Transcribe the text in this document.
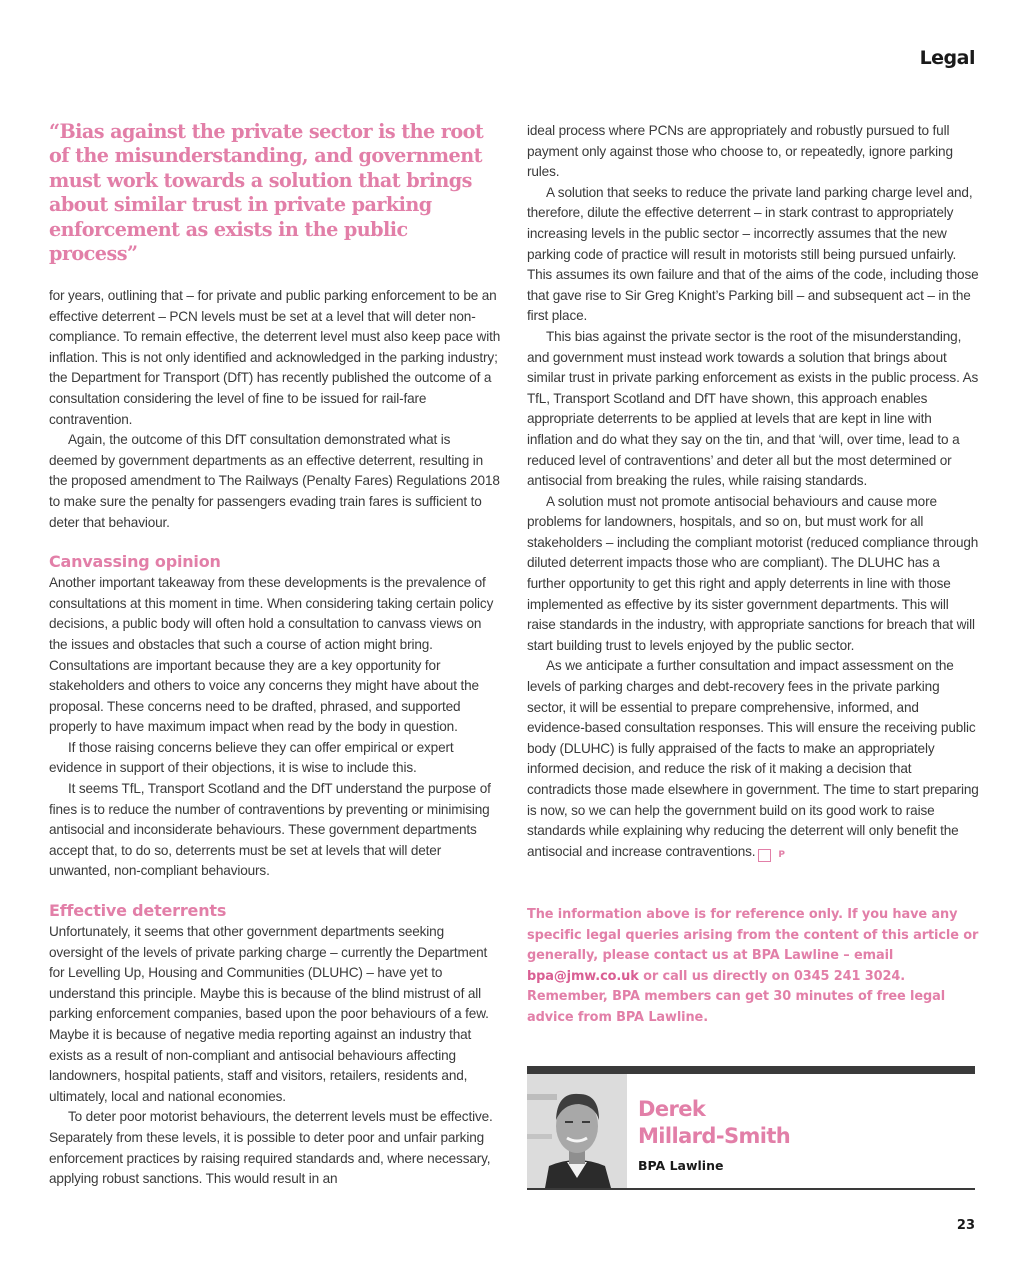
Legal
“Bias against the private sector is the root of the misunderstanding, and government must work towards a solution that brings about similar trust in private parking enforcement as exists in the public process”

for years, outlining that – for private and public parking enforcement to be an effective deterrent – PCN levels must be set at a level that will deter non-compliance. To remain effective, the deterrent level must also keep pace with inflation. This is not only identified and acknowledged in the parking industry; the Department for Transport (DfT) has recently published the outcome of a consultation considering the level of fine to be issued for rail-fare contravention.

Again, the outcome of this DfT consultation demonstrated what is deemed by government departments as an effective deterrent, resulting in the proposed amendment to The Railways (Penalty Fares) Regulations 2018 to make sure the penalty for passengers evading train fares is sufficient to deter that behaviour.

Canvassing opinion

Another important takeaway from these developments is the prevalence of consultations at this moment in time. When considering taking certain policy decisions, a public body will often hold a consultation to canvass views on the issues and obstacles that such a course of action might bring. Consultations are important because they are a key opportunity for stakeholders and others to voice any concerns they might have about the proposal. These concerns need to be drafted, phrased, and supported properly to have maximum impact when read by the body in question.

If those raising concerns believe they can offer empirical or expert evidence in support of their objections, it is wise to include this.

It seems TfL, Transport Scotland and the DfT understand the purpose of fines is to reduce the number of contraventions by preventing or minimising antisocial and inconsiderate behaviours. These government departments accept that, to do so, deterrents must be set at levels that will deter unwanted, non-compliant behaviours.

Effective deterrents

Unfortunately, it seems that other government departments seeking oversight of the levels of private parking charge – currently the Department for Levelling Up, Housing and Communities (DLUHC) – have yet to understand this principle. Maybe this is because of the blind mistrust of all parking enforcement companies, based upon the poor behaviours of a few. Maybe it is because of negative media reporting against an industry that exists as a result of non-compliant and antisocial behaviours affecting landowners, hospital patients, staff and visitors, retailers, residents and, ultimately, local and national economies.

To deter poor motorist behaviours, the deterrent levels must be effective. Separately from these levels, it is possible to deter poor and unfair parking enforcement practices by raising required standards and, where necessary, applying robust sanctions. This would result in an

ideal process where PCNs are appropriately and robustly pursued to full payment only against those who choose to, or repeatedly, ignore parking rules.

A solution that seeks to reduce the private land parking charge level and, therefore, dilute the effective deterrent – in stark contrast to appropriately increasing levels in the public sector – incorrectly assumes that the new parking code of practice will result in motorists still being pursued unfairly. This assumes its own failure and that of the aims of the code, including those that gave rise to Sir Greg Knight’s Parking bill – and subsequent act – in the first place.

This bias against the private sector is the root of the misunderstanding, and government must instead work towards a solution that brings about similar trust in private parking enforcement as exists in the public process. As TfL, Transport Scotland and DfT have shown, this approach enables appropriate deterrents to be applied at levels that are kept in line with inflation and do what they say on the tin, and that ‘will, over time, lead to a reduced level of contraventions’ and deter all but the most determined or antisocial from breaking the rules, while raising standards.

A solution must not promote antisocial behaviours and cause more problems for landowners, hospitals, and so on, but must work for all stakeholders – including the compliant motorist (reduced compliance through diluted deterrent impacts those who are compliant). The DLUHC has a further opportunity to get this right and apply deterrents in line with those implemented as effective by its sister government departments. This will raise standards in the industry, with appropriate sanctions for breach that will start building trust to levels enjoyed by the public sector.

As we anticipate a further consultation and impact assessment on the levels of parking charges and debt-recovery fees in the private parking sector, it will be essential to prepare comprehensive, informed, and evidence-based consultation responses. This will ensure the receiving public body (DLUHC) is fully appraised of the facts to make an appropriately informed decision, and reduce the risk of it making a decision that contradicts those made elsewhere in government. The time to start preparing is now, so we can help the government build on its good work to raise standards while explaining why reducing the deterrent will only benefit the antisocial and increase contraventions.	P

The information above is for reference only. If you have any specific legal queries arising from the content of this article or generally, please contact us at BPA Lawline – email bpa@jmw.co.uk or call us directly on 0345 241 3024. Remember, BPA members can get 30 minutes of free legal advice from BPA Lawline.
Derek
Millard-Smith
BPA Lawline
23
